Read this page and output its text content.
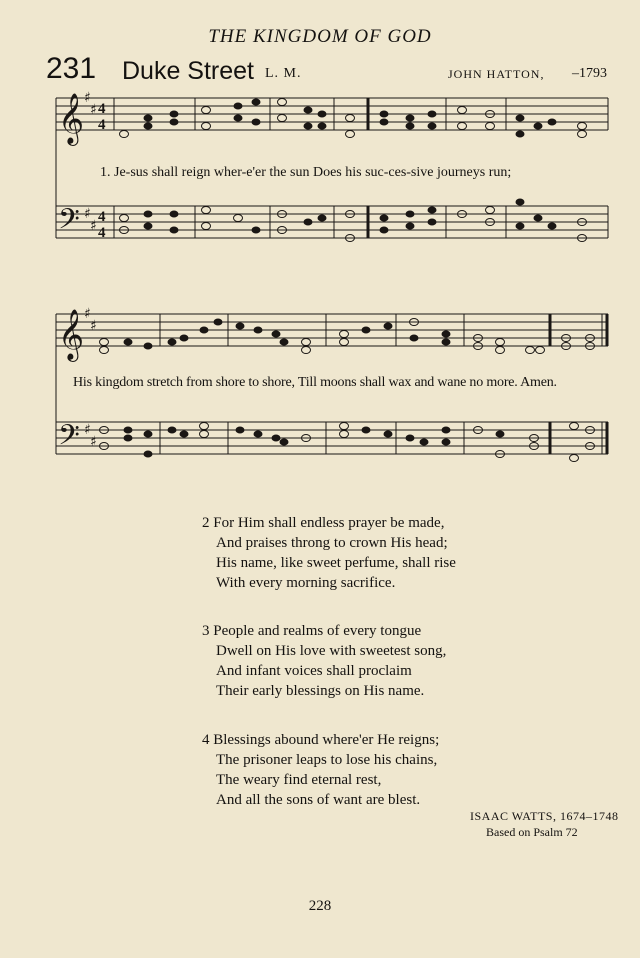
THE KINGDOM OF GOD
231 Duke Street L. M.	JOHN HATTON, –1793
𝄞
𝄢
♯
♯
♯
♯
4
4
4
4
1. Je-sus shall reign wher-e'er the sun Does his suc-ces-sive journeys run;
𝄞
𝄢
♯
♯
♯
♯
His kingdom stretch from shore to shore, Till moons shall wax and wane no more. Amen.
2 For Him shall endless prayer be made,
And praises throng to crown His head;
His name, like sweet perfume, shall rise
With every morning sacrifice.
3 People and realms of every tongue
Dwell on His love with sweetest song,
And infant voices shall proclaim
Their early blessings on His name.
4 Blessings abound where'er He reigns;
The prisoner leaps to lose his chains,
The weary find eternal rest,
And all the sons of want are blest.
ISAAC WATTS, 1674–1748
Based on Psalm 72
228
